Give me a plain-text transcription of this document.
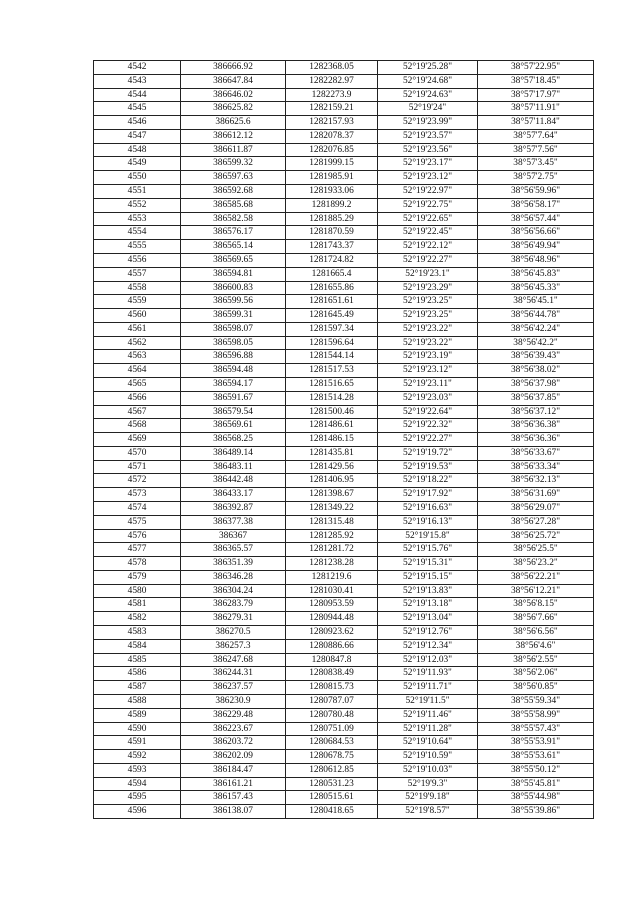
4542	386666.92	1282368.05	52°19'25.28"	38°57'22.95"
4543	386647.84	1282282.97	52°19'24.68"	38°57'18.45"
4544	386646.02	1282273.9	52°19'24.63"	38°57'17.97"
4545	386625.82	1282159.21	52°19'24"	38°57'11.91"
4546	386625.6	1282157.93	52°19'23.99"	38°57'11.84"
4547	386612.12	1282078.37	52°19'23.57"	38°57'7.64"
4548	386611.87	1282076.85	52°19'23.56"	38°57'7.56"
4549	386599.32	1281999.15	52°19'23.17"	38°57'3.45"
4550	386597.63	1281985.91	52°19'23.12"	38°57'2.75"
4551	386592.68	1281933.06	52°19'22.97"	38°56'59.96"
4552	386585.68	1281899.2	52°19'22.75"	38°56'58.17"
4553	386582.58	1281885.29	52°19'22.65"	38°56'57.44"
4554	386576.17	1281870.59	52°19'22.45"	38°56'56.66"
4555	386565.14	1281743.37	52°19'22.12"	38°56'49.94"
4556	386569.65	1281724.82	52°19'22.27"	38°56'48.96"
4557	386594.81	1281665.4	52°19'23.1"	38°56'45.83"
4558	386600.83	1281655.86	52°19'23.29"	38°56'45.33"
4559	386599.56	1281651.61	52°19'23.25"	38°56'45.1"
4560	386599.31	1281645.49	52°19'23.25"	38°56'44.78"
4561	386598.07	1281597.34	52°19'23.22"	38°56'42.24"
4562	386598.05	1281596.64	52°19'23.22"	38°56'42.2"
4563	386596.88	1281544.14	52°19'23.19"	38°56'39.43"
4564	386594.48	1281517.53	52°19'23.12"	38°56'38.02"
4565	386594.17	1281516.65	52°19'23.11"	38°56'37.98"
4566	386591.67	1281514.28	52°19'23.03"	38°56'37.85"
4567	386579.54	1281500.46	52°19'22.64"	38°56'37.12"
4568	386569.61	1281486.61	52°19'22.32"	38°56'36.38"
4569	386568.25	1281486.15	52°19'22.27"	38°56'36.36"
4570	386489.14	1281435.81	52°19'19.72"	38°56'33.67"
4571	386483.11	1281429.56	52°19'19.53"	38°56'33.34"
4572	386442.48	1281406.95	52°19'18.22"	38°56'32.13"
4573	386433.17	1281398.67	52°19'17.92"	38°56'31.69"
4574	386392.87	1281349.22	52°19'16.63"	38°56'29.07"
4575	386377.38	1281315.48	52°19'16.13"	38°56'27.28"
4576	386367	1281285.92	52°19'15.8"	38°56'25.72"
4577	386365.57	1281281.72	52°19'15.76"	38°56'25.5"
4578	386351.39	1281238.28	52°19'15.31"	38°56'23.2"
4579	386346.28	1281219.6	52°19'15.15"	38°56'22.21"
4580	386304.24	1281030.41	52°19'13.83"	38°56'12.21"
4581	386283.79	1280953.59	52°19'13.18"	38°56'8.15"
4582	386279.31	1280944.48	52°19'13.04"	38°56'7.66"
4583	386270.5	1280923.62	52°19'12.76"	38°56'6.56"
4584	386257.3	1280886.66	52°19'12.34"	38°56'4.6"
4585	386247.68	1280847.8	52°19'12.03"	38°56'2.55"
4586	386244.31	1280838.49	52°19'11.93"	38°56'2.06"
4587	386237.57	1280815.73	52°19'11.71"	38°56'0.85"
4588	386230.9	1280787.07	52°19'11.5"	38°55'59.34"
4589	386229.48	1280780.48	52°19'11.46"	38°55'58.99"
4590	386223.67	1280751.09	52°19'11.28"	38°55'57.43"
4591	386203.72	1280684.53	52°19'10.64"	38°55'53.91"
4592	386202.09	1280678.75	52°19'10.59"	38°55'53.61"
4593	386184.47	1280612.85	52°19'10.03"	38°55'50.12"
4594	386161.21	1280531.23	52°19'9.3"	38°55'45.81"
4595	386157.43	1280515.61	52°19'9.18"	38°55'44.98"
4596	386138.07	1280418.65	52°19'8.57"	38°55'39.86"
